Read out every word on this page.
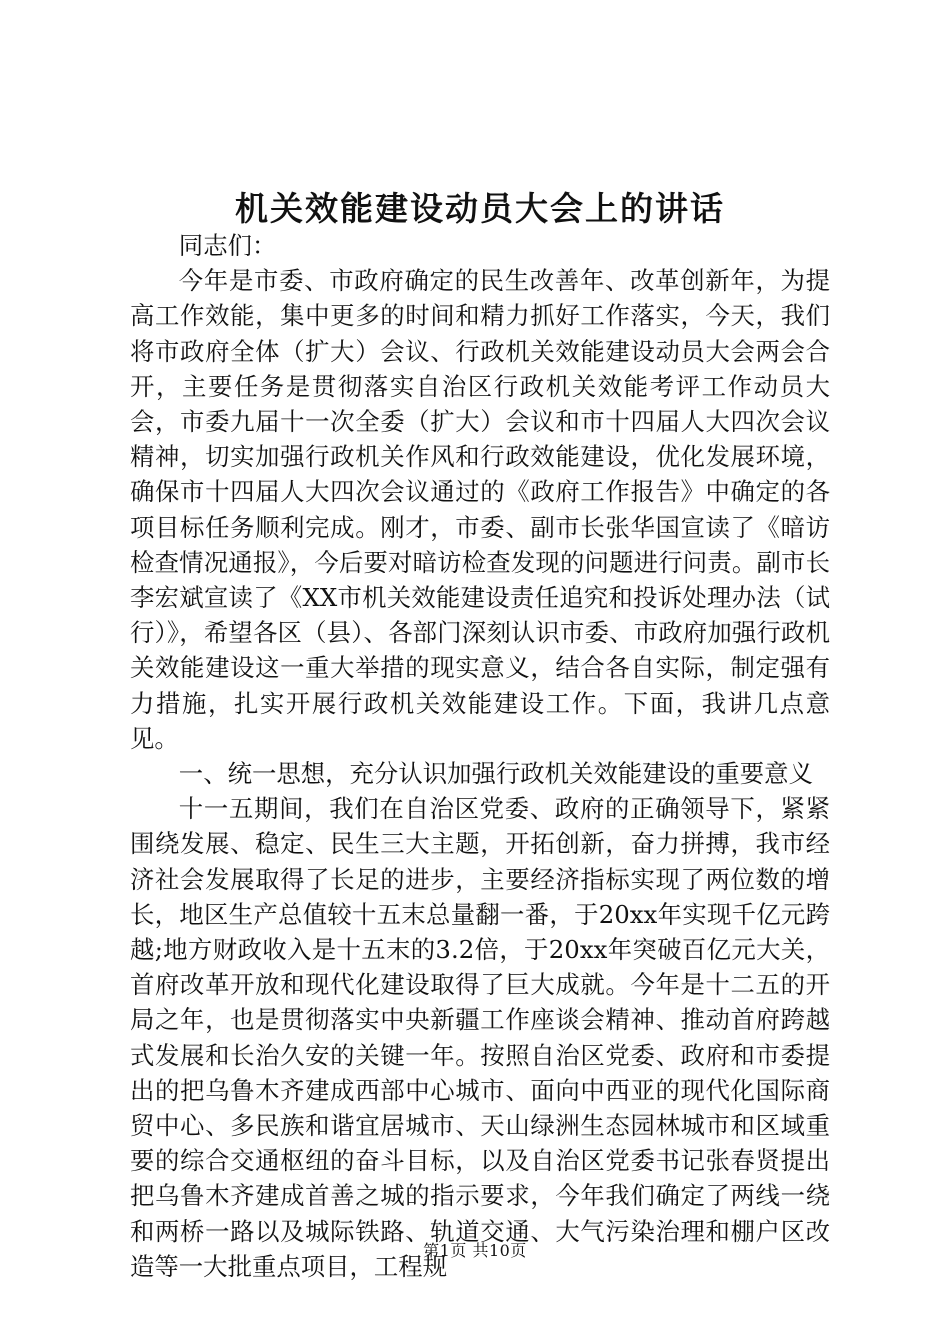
机关效能建设动员大会上的讲话

同志们：

今年是市委、市政府确定的民生改善年、改革创新年，为提高工作效能，集中更多的时间和精力抓好工作落实，今天，我们将市政府全体（扩大）会议、行政机关效能建设动员大会两会合开，主要任务是贯彻落实自治区行政机关效能考评工作动员大会，市委九届十一次全委（扩大）会议和市十四届人大四次会议精神，切实加强行政机关作风和行政效能建设，优化发展环境，确保市十四届人大四次会议通过的《政府工作报告》中确定的各项目标任务顺利完成。刚才，市委、副市长张华国宣读了《暗访检查情况通报》，今后要对暗访检查发现的问题进行问责。副市长李宏斌宣读了《XX市机关效能建设责任追究和投诉处理办法（试行）》，希望各区（县）、各部门深刻认识市委、市政府加强行政机关效能建设这一重大举措的现实意义，结合各自实际，制定强有力措施，扎实开展行政机关效能建设工作。下面，我讲几点意见。

一、统一思想，充分认识加强行政机关效能建设的重要意义

十一五期间，我们在自治区党委、政府的正确领导下，紧紧围绕发展、稳定、民生三大主题，开拓创新，奋力拼搏，我市经济社会发展取得了长足的进步，主要经济指标实现了两位数的增长，地区生产总值较十五末总量翻一番，于20xx年实现千亿元跨越;地方财政收入是十五末的3.2倍，于20xx年突破百亿元大关，首府改革开放和现代化建设取得了巨大成就。今年是十二五的开局之年，也是贯彻落实中央新疆工作座谈会精神、推动首府跨越式发展和长治久安的关键一年。按照自治区党委、政府和市委提出的把乌鲁木齐建成西部中心城市、面向中西亚的现代化国际商贸中心、多民族和谐宜居城市、天山绿洲生态园林城市和区域重要的综合交通枢纽的奋斗目标，以及自治区党委书记张春贤提出把乌鲁木齐建成首善之城的指示要求，今年我们确定了两线一绕和两桥一路以及城际铁路、轨道交通、大气污染治理和棚户区改造等一大批重点项目，工程规

第1页 共10页
